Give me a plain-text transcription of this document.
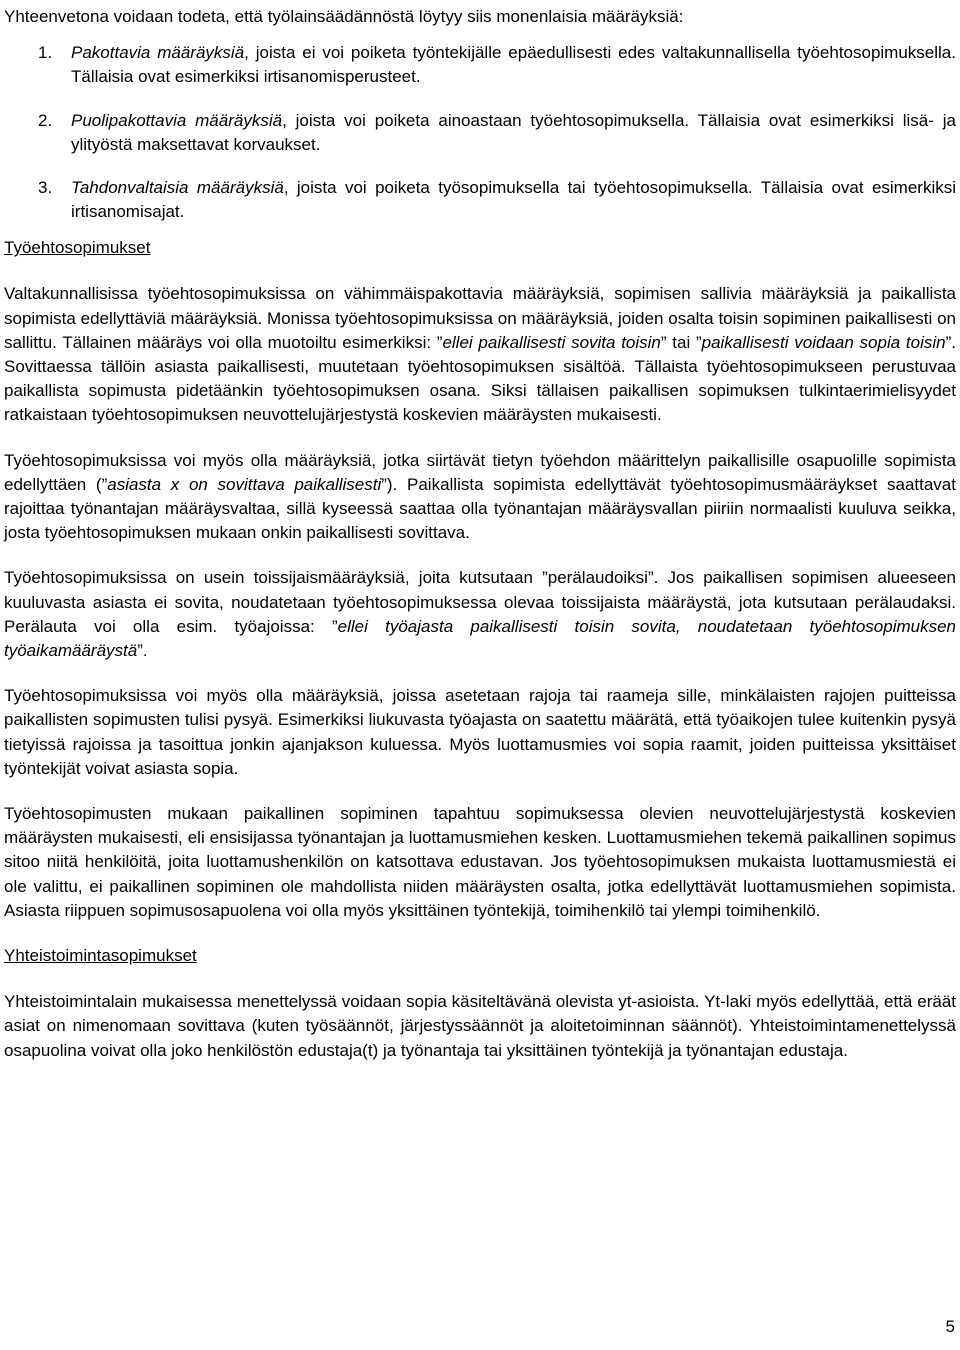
Yhteenvetona voidaan todeta, että työlainsäädännöstä löytyy siis monenlaisia määräyksiä:

1. Pakottavia määräyksiä, joista ei voi poiketa työntekijälle epäedullisesti edes valtakunnallisella työehtosopimuksella. Tällaisia ovat esimerkiksi irtisanomisperusteet.
2. Puolipakottavia määräyksiä, joista voi poiketa ainoastaan työehtosopimuksella. Tällaisia ovat esimerkiksi lisä- ja ylityöstä maksettavat korvaukset.
3. Tahdonvaltaisia määräyksiä, joista voi poiketa työsopimuksella tai työehtosopimuksella. Tällaisia ovat esimerkiksi irtisanomisajat.
Työehtosopimukset

Valtakunnallisissa työehtosopimuksissa on vähimmäispakottavia määräyksiä, sopimisen sallivia määräyksiä ja paikallista sopimista edellyttäviä määräyksiä. Monissa työehtosopimuksissa on määräyksiä, joiden osalta toisin sopiminen paikallisesti on sallittu. Tällainen määräys voi olla muotoiltu esimerkiksi: ”ellei paikallisesti sovita toisin” tai ”paikallisesti voidaan sopia toisin”. Sovittaessa tällöin asiasta paikallisesti, muutetaan työehtosopimuksen sisältöä. Tällaista työehtosopimukseen perustuvaa paikallista sopimusta pidetäänkin työehtosopimuksen osana. Siksi tällaisen paikallisen sopimuksen tulkintaerimielisyydet ratkaistaan työehtosopimuksen neuvottelujärjestystä koskevien määräysten mukaisesti.

Työehtosopimuksissa voi myös olla määräyksiä, jotka siirtävät tietyn työehdon määrittelyn paikallisille osapuolille sopimista edellyttäen (”asiasta x on sovittava paikallisesti”). Paikallista sopimista edellyttävät työehtosopimusmääräykset saattavat rajoittaa työnantajan määräysvaltaa, sillä kyseessä saattaa olla työnantajan määräysvallan piiriin normaalisti kuuluva seikka, josta työehtosopimuksen mukaan onkin paikallisesti sovittava.

Työehtosopimuksissa on usein toissijaismääräyksiä, joita kutsutaan ”perälaudoiksi”. Jos paikallisen sopimisen alueeseen kuuluvasta asiasta ei sovita, noudatetaan työehtosopimuksessa olevaa toissijaista määräystä, jota kutsutaan perälaudaksi. Perälauta voi olla esim. työajoissa: ”ellei työajasta paikallisesti toisin sovita, noudatetaan työehtosopimuksen työaikamääräystä”.

Työehtosopimuksissa voi myös olla määräyksiä, joissa asetetaan rajoja tai raameja sille, minkälaisten rajojen puitteissa paikallisten sopimusten tulisi pysyä. Esimerkiksi liukuvasta työajasta on saatettu määrätä, että työaikojen tulee kuitenkin pysyä tietyissä rajoissa ja tasoittua jonkin ajanjakson kuluessa. Myös luottamusmies voi sopia raamit, joiden puitteissa yksittäiset työntekijät voivat asiasta sopia.

Työehtosopimusten mukaan paikallinen sopiminen tapahtuu sopimuksessa olevien neuvottelujärjestystä koskevien määräysten mukaisesti, eli ensisijassa työnantajan ja luottamusmiehen kesken. Luottamusmiehen tekemä paikallinen sopimus sitoo niitä henkilöitä, joita luottamushenkilön on katsottava edustavan. Jos työehtosopimuksen mukaista luottamusmiestä ei ole valittu, ei paikallinen sopiminen ole mahdollista niiden määräysten osalta, jotka edellyttävät luottamusmiehen sopimista. Asiasta riippuen sopimusosapuolena voi olla myös yksittäinen työntekijä, toimihenkilö tai ylempi toimihenkilö.

Yhteistoimintasopimukset

Yhteistoimintalain mukaisessa menettelyssä voidaan sopia käsiteltävänä olevista yt-asioista. Yt-laki myös edellyttää, että eräät asiat on nimenomaan sovittava (kuten työsäännöt, järjestyssäännöt ja aloitetoiminnan säännöt). Yhteistoimintamenettelyssä osapuolina voivat olla joko henkilöstön edustaja(t) ja työnantaja tai yksittäinen työntekijä ja työnantajan edustaja.

5
